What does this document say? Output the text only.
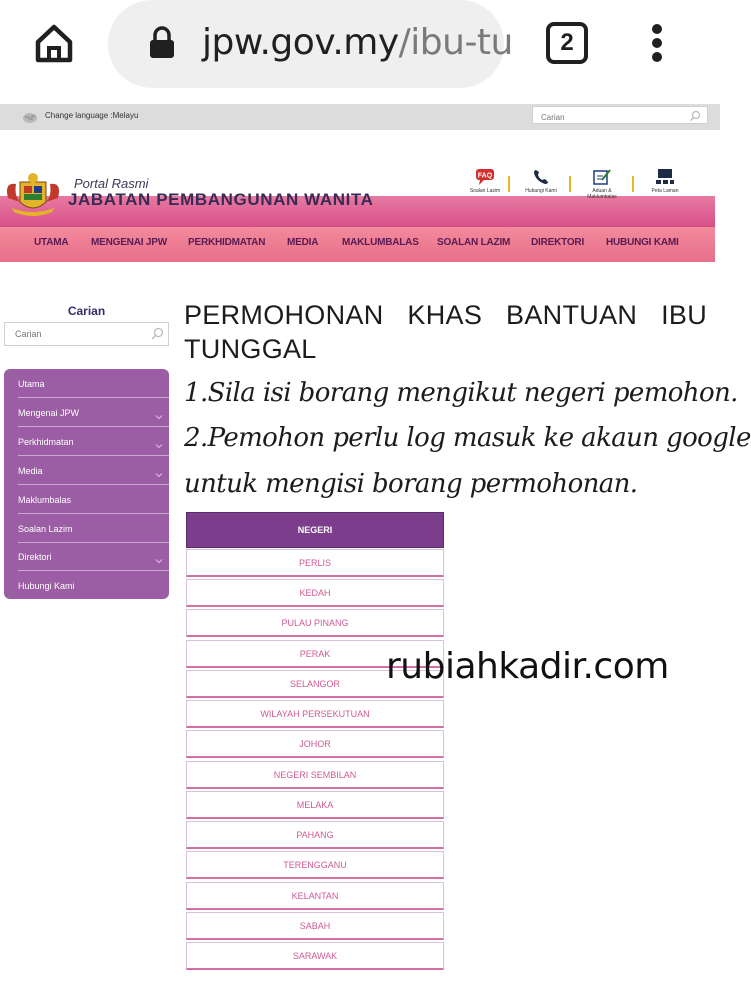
jpw.gov.my/ibu-tu	2
Change language :Melayu
Carian
Portal Rasmi
JABATAN PEMBANGUNAN WANITA
FAQ
Soalan Lazim	Hubungi Kami	Aduan & Maklumbalas
Peta Laman
UTAMA MENGENAI JPW PERKHIDMATAN MEDIA MAKLUMBALAS SOALAN LAZIM DIREKTORI HUBUNGI KAMI
Carian
Carian
Utama
Mengenai JPW
Perkhidmatan
Media
Maklumbalas
Soalan Lazim
Direktori
Hubungi Kami
PERMOHONAN KHAS BANTUAN IBU TUNGGAL
1.Sila isi borang mengikut negeri pemohon.
2.Pemohon perlu log masuk ke akaun google
untuk mengisi borang permohonan.
NEGERI
PERLIS
KEDAH
PULAU PINANG
PERAK
SELANGOR
WILAYAH PERSEKUTUAN
JOHOR
NEGERI SEMBILAN
MELAKA
PAHANG
TERENGGANU
KELANTAN
SABAH
SARAWAK
rubiahkadir.com
